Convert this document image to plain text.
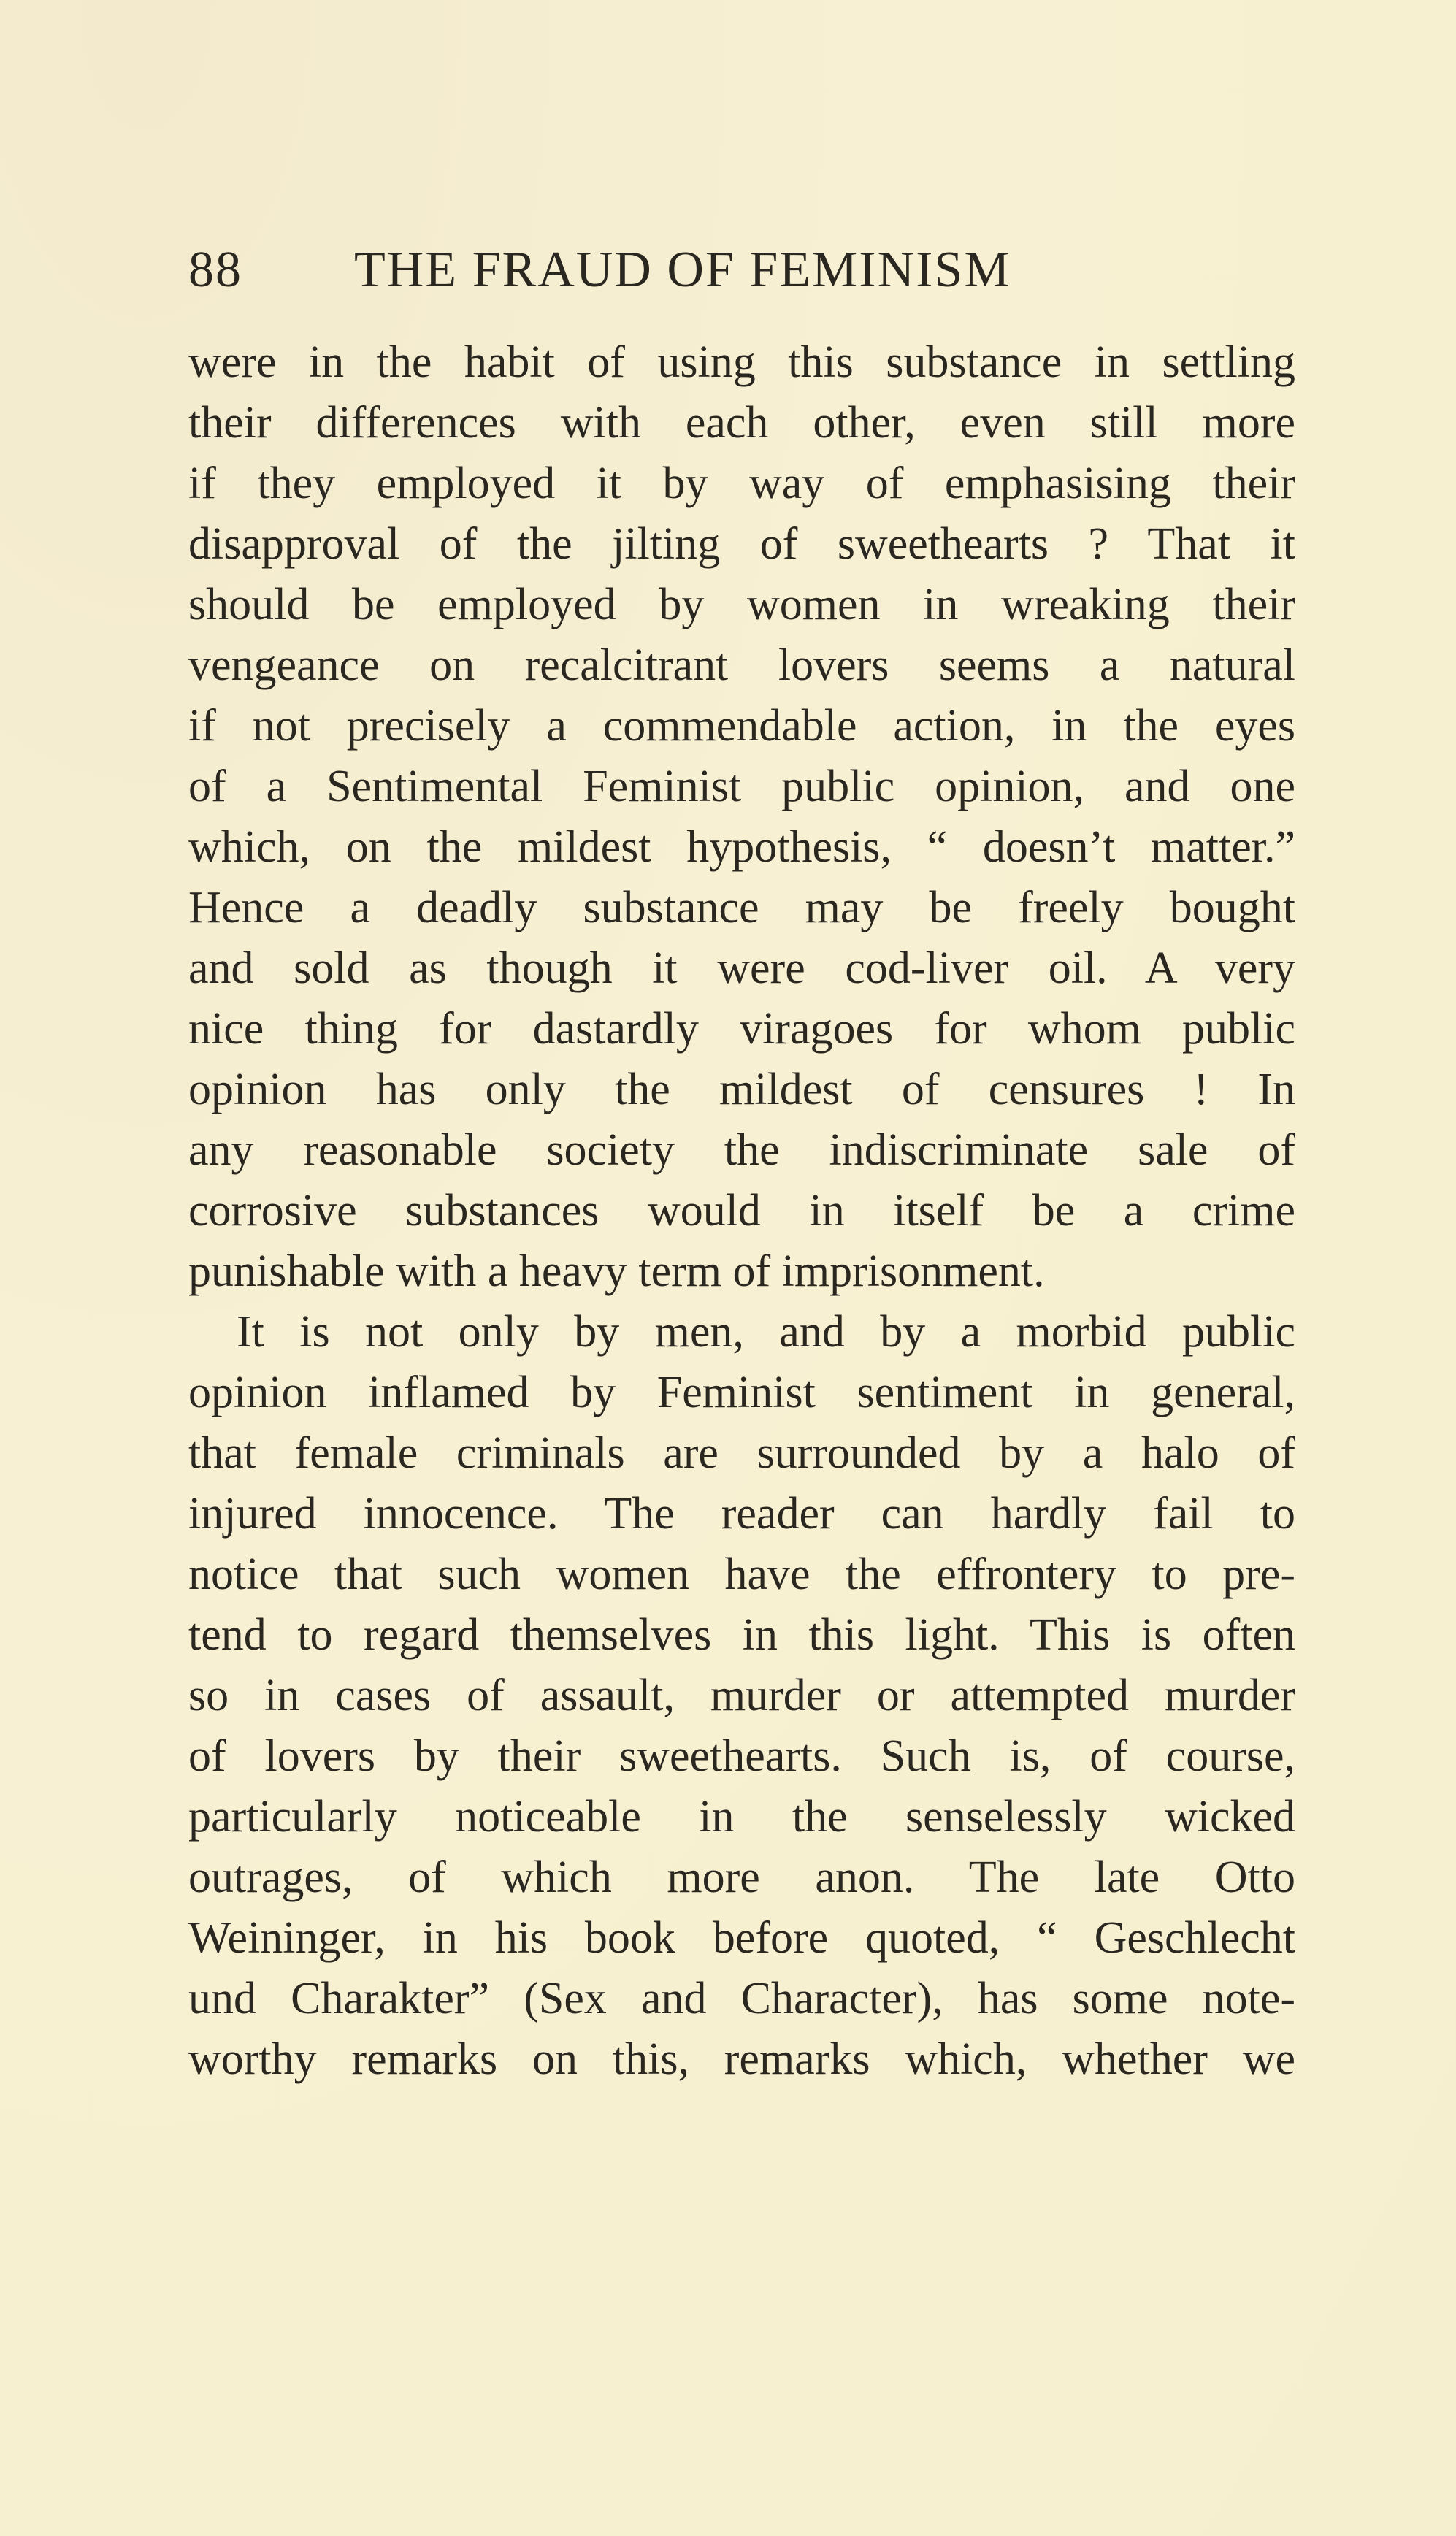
88 THE FRAUD OF FEMINISM
were in the habit of using this substance in settling
their differences with each other, even still more
if they employed it by way of emphasising their
disapproval of the jilting of sweethearts ? That it
should be employed by women in wreaking their
vengeance on recalcitrant lovers seems a natural
if not precisely a commendable action, in the eyes
of a Sentimental Feminist public opinion, and one
which, on the mildest hypothesis, “ doesn’t matter.”
Hence a deadly substance may be freely bought
and sold as though it were cod-liver oil. A very
nice thing for dastardly viragoes for whom public
opinion has only the mildest of censures ! In
any reasonable society the indiscriminate sale of
corrosive substances would in itself be a crime
punishable with a heavy term of imprisonment.
It is not only by men, and by a morbid public
opinion inflamed by Feminist sentiment in general,
that female criminals are surrounded by a halo of
injured innocence. The reader can hardly fail to
notice that such women have the effrontery to pre-
tend to regard themselves in this light. This is often
so in cases of assault, murder or attempted murder
of lovers by their sweethearts. Such is, of course,
particularly noticeable in the senselessly wicked
outrages, of which more anon. The late Otto
Weininger, in his book before quoted, “ Geschlecht
und Charakter” (Sex and Character), has some note-
worthy remarks on this, remarks which, whether we
